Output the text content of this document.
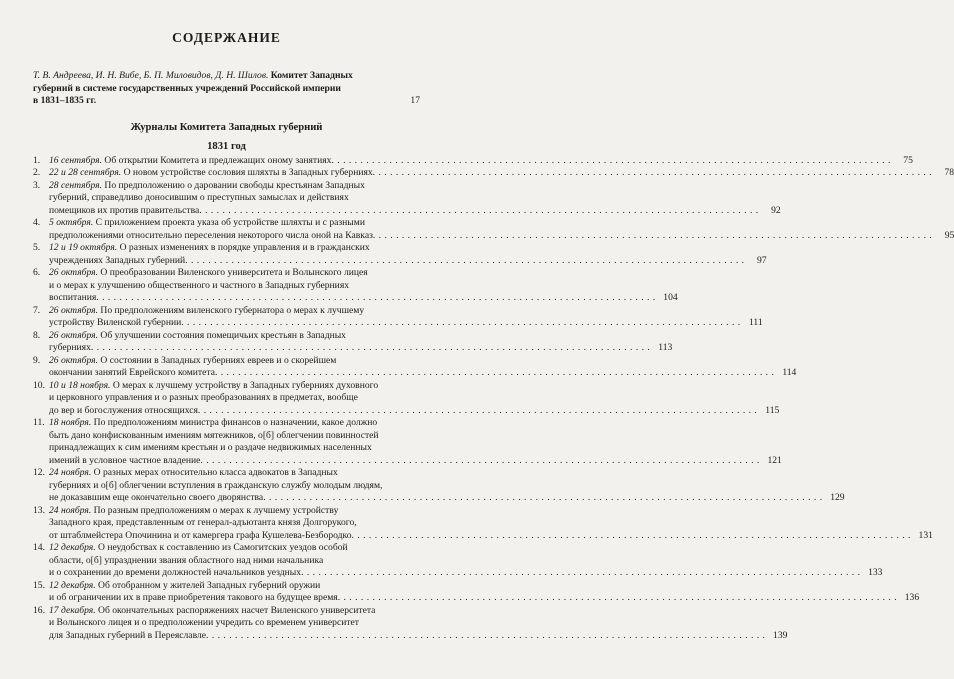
СОДЕРЖАНИЕ
Т. В. Андреева, И. Н. Вибе, Б. П. Миловидов, Д. Н. Шилов. Комитет Западных
губерний в системе государственных учреждений Российской империи
в 1831–1835 гг.	17
Журналы Комитета Западных губерний
1831 год
1. 16 сентября. Об открытии Комитета и предлежащих оному занятиях . . .	75
2. 22 и 28 сентября. О новом устройстве сословия шляхты в Западных губерниях . . .	78
3. 28 сентября. По предположению о даровании свободы крестьянам Западных
губерний, справедливо доносившим о преступных замыслах и действиях
помещиков их против правительства . . .	92
4. 5 октября. С приложением проекта указа об устройстве шляхты и с разными
предположениями относительно переселения некоторого числа оной на Кавказ . . .	95
5. 12 и 19 октября. О разных изменениях в порядке управления и в гражданских
учреждениях Западных губерний . . .	97
6. 26 октября. О преобразовании Виленского университета и Волынского лицея
и о мерах к улучшению общественного и частного в Западных губерниях
воспитания . . .	104
7. 26 октября. По предположениям виленского губернатора о мерах к лучшему
устройству Виленской губернии . . .	111
8. 26 октября. Об улучшении состояния помещичьих крестьян в Западных
губерниях . . .	113
9. 26 октября. О состоянии в Западных губерниях евреев и о скорейшем
окончании занятий Еврейского комитета . . .	114
10. 10 и 18 ноября. О мерах к лучшему устройству в Западных губерниях духовного
и церковного управления и о разных преобразованиях в предметах, вообще
до вер и богослужения относящихся . . .	115
11. 18 ноября. По предположениям министра финансов о назначении, какое должно
быть дано конфискованным имениям мятежников, о[б] облегчении повинностей
принадлежащих к сим имениям крестьян и о раздаче недвижимых населенных
имений в условное частное владение . . .	121
12. 24 ноября. О разных мерах относительно класса адвокатов в Западных
губерниях и о[б] облегчении вступления в гражданскую службу молодым людям,
не доказавшим еще окончательно своего дворянства . . .	129
13. 24 ноября. По разным предположениям о мерах к лучшему устройству
Западного края, представленным от генерал-адъютанта князя Долгорукого,
от штаблмейстера Опочинина и от камергера графа Кушелева-Безбородко . . .	131
14. 12 декабря. О неудобствах к составлению из Самогитских уездов особой
области, о[б] упразднении звания областного над ними начальника
и о сохранении до времени должностей начальников уездных . . .	133
15. 12 декабря. Об отобранном у жителей Западных губерний оружии
и об ограничении их в праве приобретения такового на будущее время . . .	136
16. 17 декабря. Об окончательных распоряжениях насчет Виленского университета
и Волынского лицея и о предположении учредить со временем университет
для Западных губерний в Переяславле . . .	139
